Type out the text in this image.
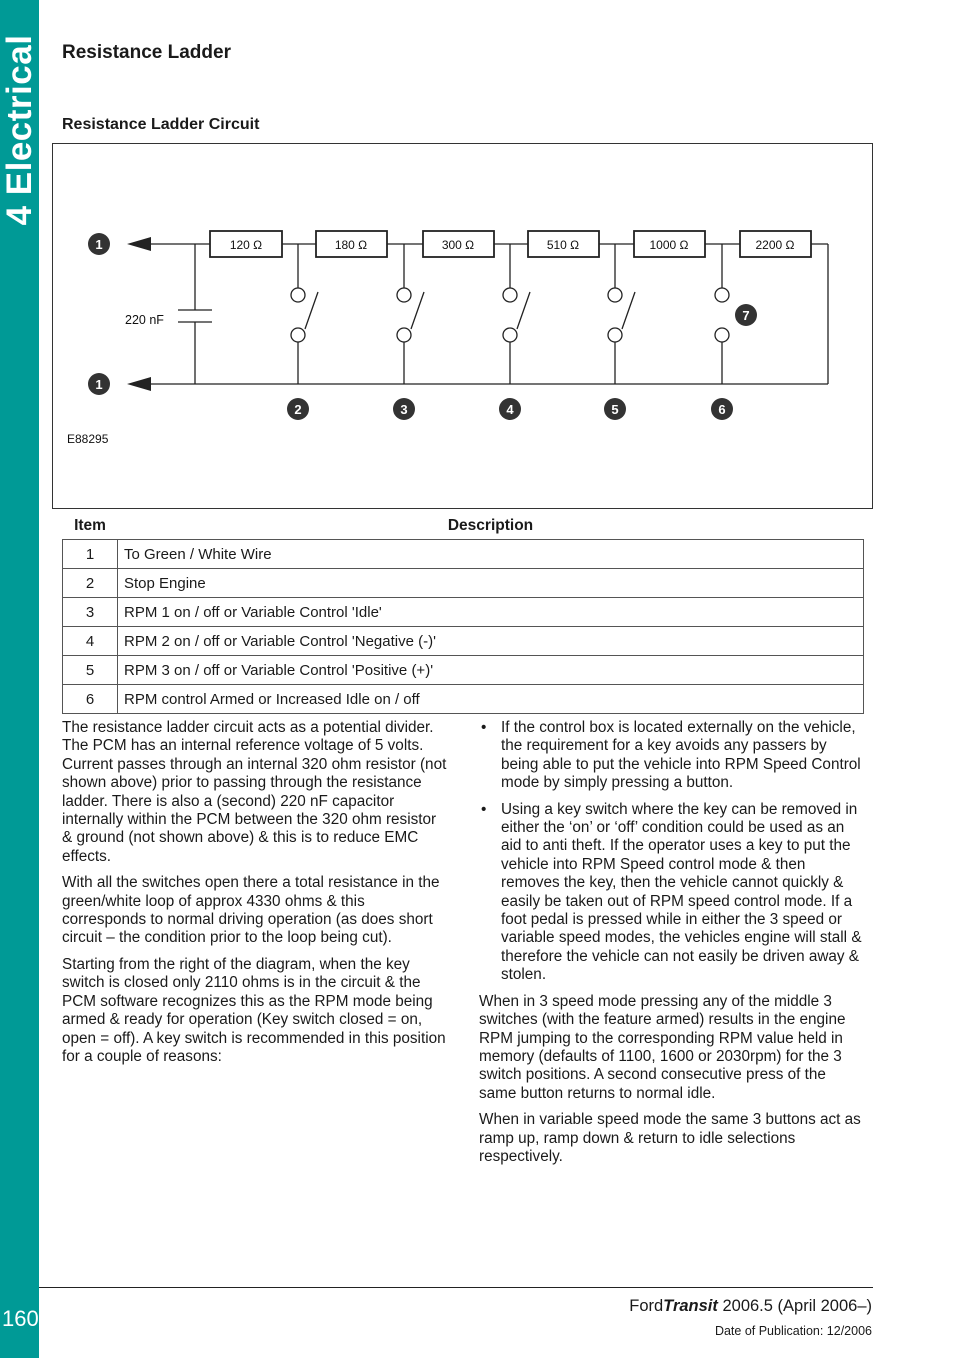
4 Electrical
160
Resistance Ladder
Resistance Ladder Circuit
120 Ω	180 Ω	300 Ω	510 Ω	1000 Ω	2200 Ω
220 nF
E88295
1
1
2	3	4	5	6
7
Item	Description
1	To Green / White Wire
2	Stop Engine
3	RPM 1 on / off or Variable Control 'Idle'
4	RPM 2 on / off or Variable Control 'Negative (-)'
5	RPM 3 on / off or Variable Control 'Positive (+)'
6	RPM control Armed or Increased Idle on / off

The resistance ladder circuit acts as a potential divider. The PCM has an internal reference voltage of 5 volts. Current passes through an internal 320 ohm resistor (not shown above) prior to passing through the resistance ladder. There is also a (second) 220 nF capacitor internally within the PCM between the 320 ohm resistor & ground (not shown above) & this is to reduce EMC effects.

With all the switches open there a total resistance in the green/white loop of approx 4330 ohms & this corresponds to normal driving operation (as does short circuit – the condition prior to the loop being cut).

Starting from the right of the diagram, when the key switch is closed only 2110 ohms is in the circuit & the PCM software recognizes this as the RPM mode being armed & ready for operation (Key switch closed = on, open = off). A key switch is recommended in this position for a couple of reasons:

• If the control box is located externally on the vehicle, the requirement for a key avoids any passers by being able to put the vehicle into RPM Speed Control mode by simply pressing a button.
• Using a key switch where the key can be removed in either the ‘on’ or ‘off’ condition could be used as an aid to anti theft. If the operator uses a key to put the vehicle into RPM Speed control mode & then removes the key, then the vehicle cannot quickly & easily be taken out of RPM speed control mode. If a foot pedal is pressed while in either the 3 speed or variable speed modes, the vehicles engine will stall & therefore the vehicle can not easily be driven away & stolen.

When in 3 speed mode pressing any of the middle 3 switches (with the feature armed) results in the engine RPM jumping to the corresponding RPM value held in memory (defaults of 1100, 1600 or 2030rpm) for the 3 switch positions. A second consecutive press of the same button returns to normal idle.

When in variable speed mode the same 3 buttons act as ramp up, ramp down & return to idle selections respectively.

FordTransit 2006.5 (April 2006–)
Date of Publication: 12/2006
